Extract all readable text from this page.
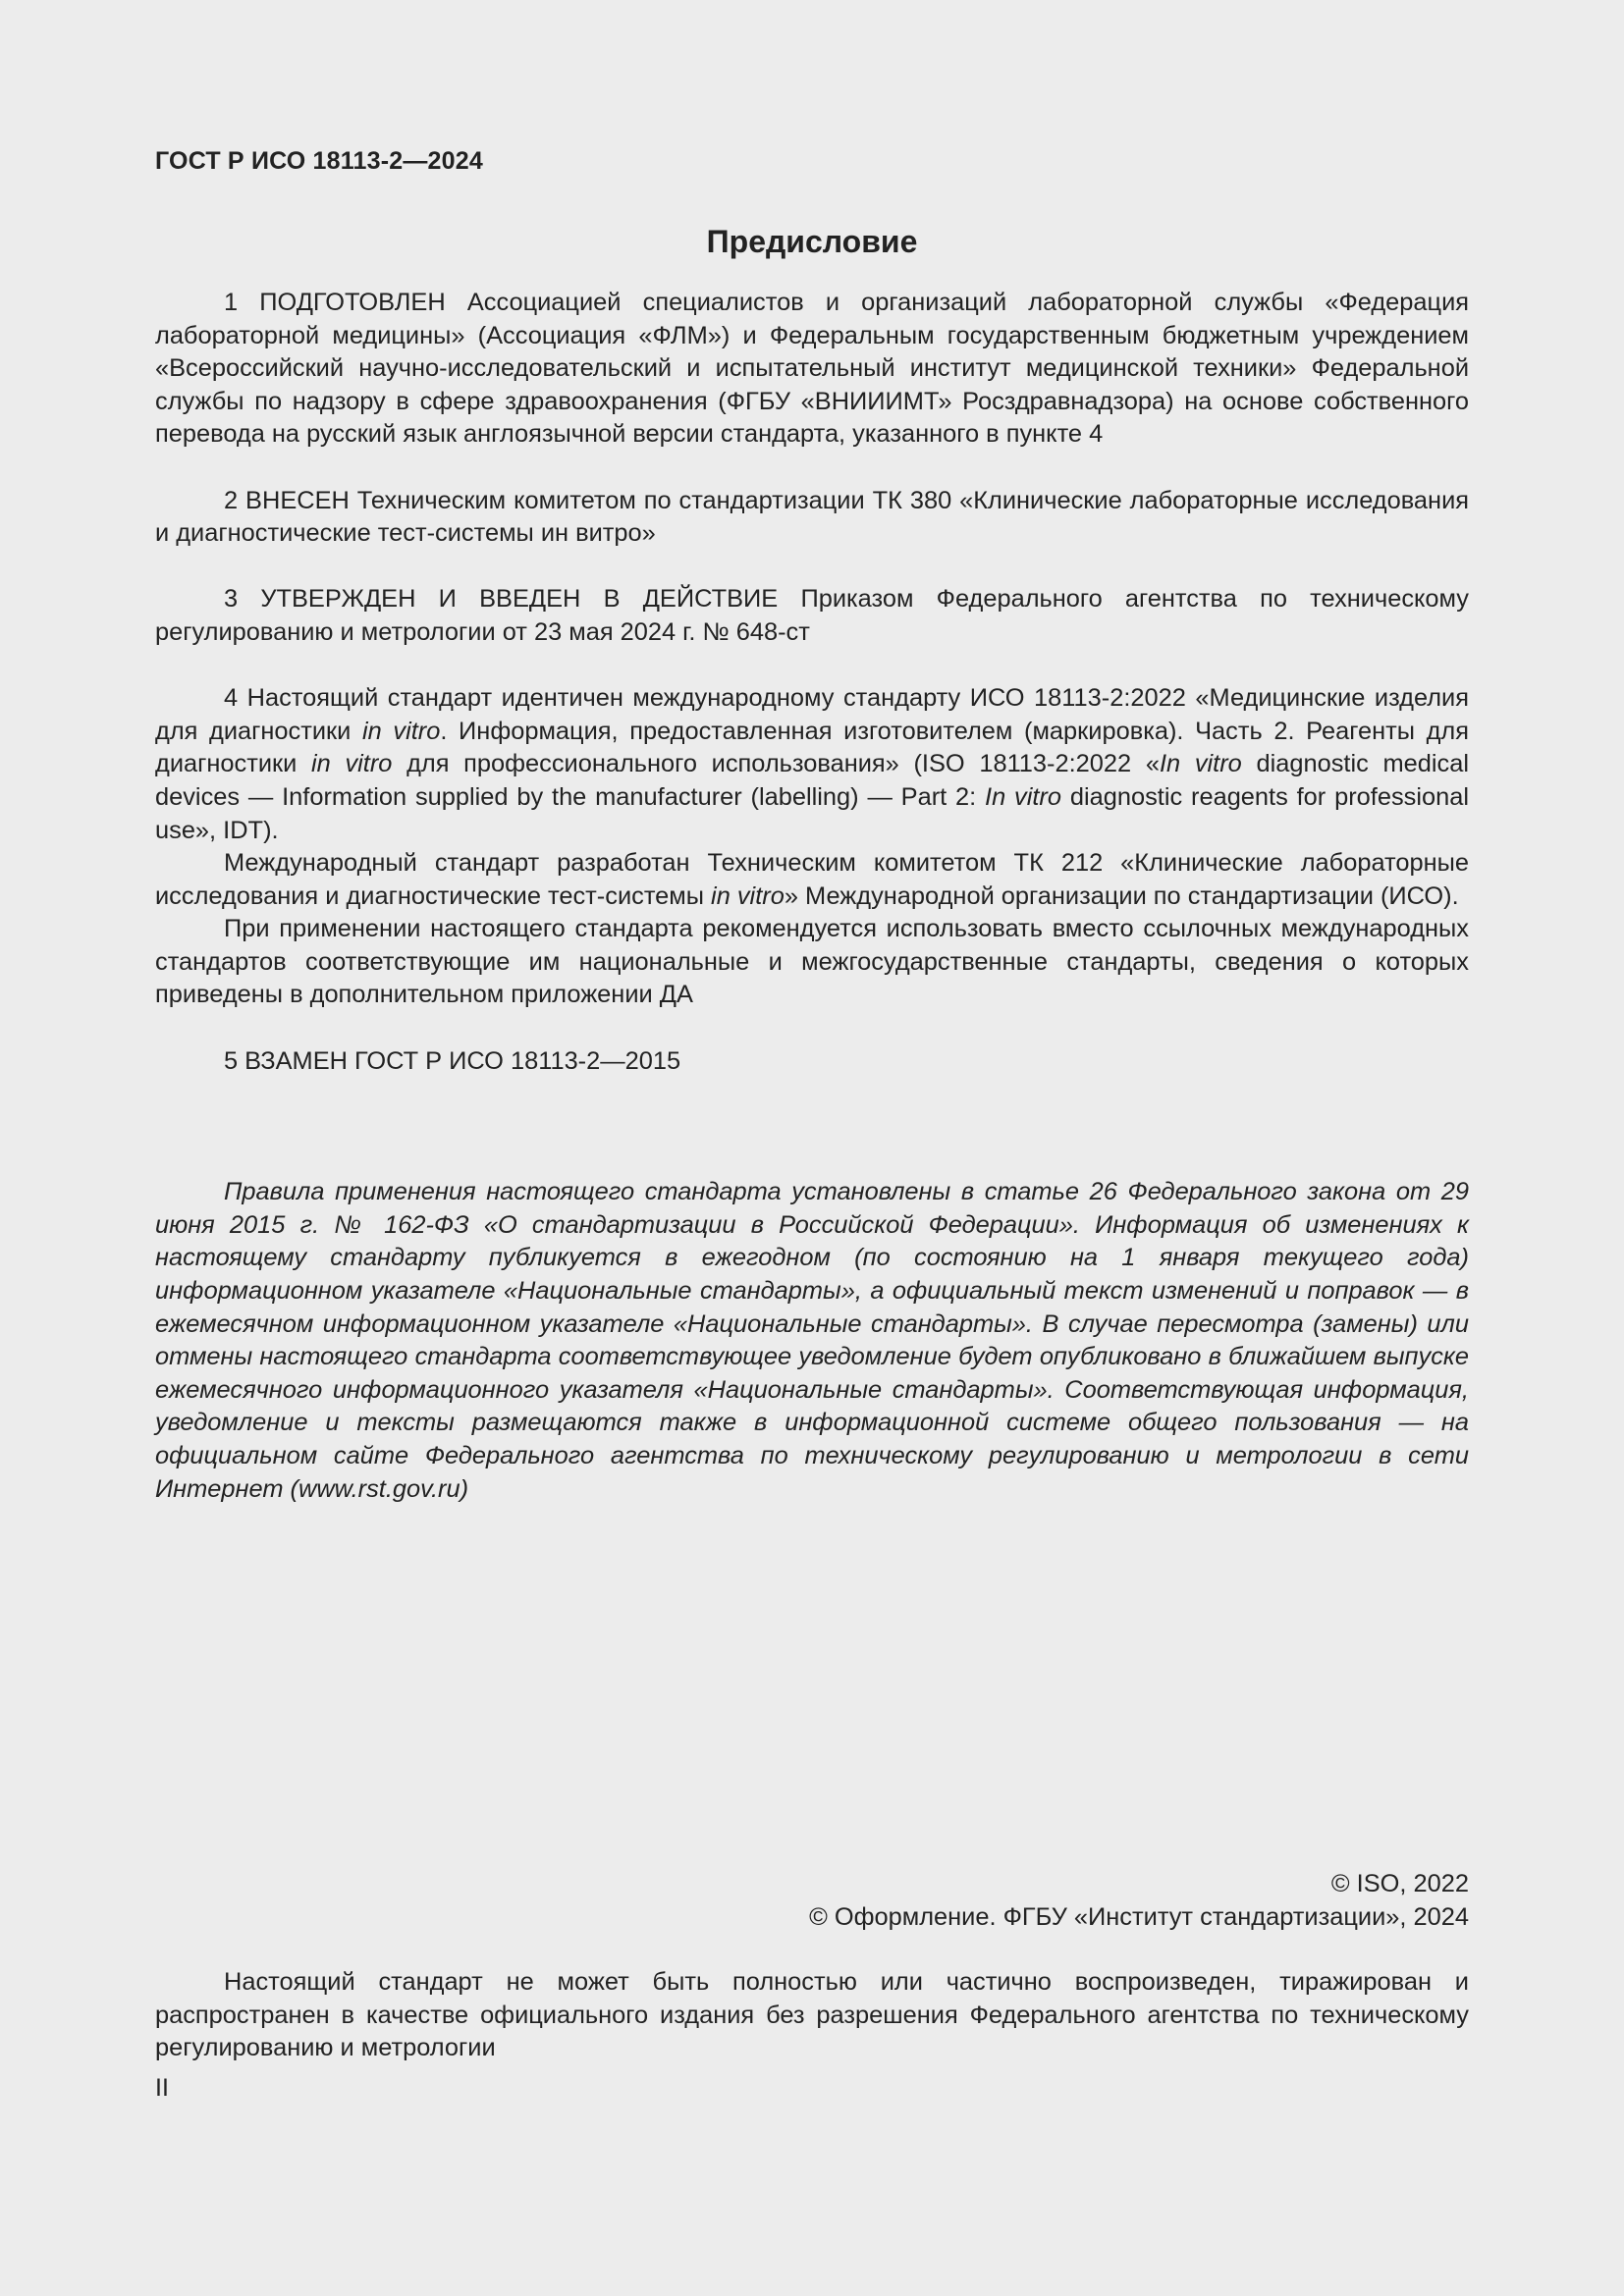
ГОСТ Р ИСО 18113-2—2024
Предисловие

1 ПОДГОТОВЛЕН Ассоциацией специалистов и организаций лабораторной службы «Федерация лабораторной медицины» (Ассоциация «ФЛМ») и Федеральным государственным бюджетным учреждением «Всероссийский научно-исследовательский и испытательный институт медицинской техники» Федеральной службы по надзору в сфере здравоохранения (ФГБУ «ВНИИИМТ» Росздравнадзора) на основе собственного перевода на русский язык англоязычной версии стандарта, указанного в пункте 4

2 ВНЕСЕН Техническим комитетом по стандартизации ТК 380 «Клинические лабораторные исследования и диагностические тест-системы ин витро»

3 УТВЕРЖДЕН И ВВЕДЕН В ДЕЙСТВИЕ Приказом Федерального агентства по техническому регулированию и метрологии от 23 мая 2024 г. № 648-ст

4 Настоящий стандарт идентичен международному стандарту ИСО 18113-2:2022 «Медицинские изделия для диагностики in vitro. Информация, предоставленная изготовителем (маркировка). Часть 2. Реагенты для диагностики in vitro для профессионального использования» (ISO 18113-2:2022 «In vitro diagnostic medical devices — Information supplied by the manufacturer (labelling) — Part 2: In vitro diagnostic reagents for professional use», IDT).

Международный стандарт разработан Техническим комитетом ТК 212 «Клинические лабораторные исследования и диагностические тест-системы in vitro» Международной организации по стандартизации (ИСО).

При применении настоящего стандарта рекомендуется использовать вместо ссылочных международных стандартов соответствующие им национальные и межгосударственные стандарты, сведения о которых приведены в дополнительном приложении ДА

5 ВЗАМЕН ГОСТ Р ИСО 18113-2—2015

Правила применения настоящего стандарта установлены в статье 26 Федерального закона от 29 июня 2015 г. № 162-ФЗ «О стандартизации в Российской Федерации». Информация об изменениях к настоящему стандарту публикуется в ежегодном (по состоянию на 1 января текущего года) информационном указателе «Национальные стандарты», а официальный текст изменений и поправок — в ежемесячном информационном указателе «Национальные стандарты». В случае пересмотра (замены) или отмены настоящего стандарта соответствующее уведомление будет опубликовано в ближайшем выпуске ежемесячного информационного указателя «Национальные стандарты». Соответствующая информация, уведомление и тексты размещаются также в информационной системе общего пользования — на официальном сайте Федерального агентства по техническому регулированию и метрологии в сети Интернет (www.rst.gov.ru)

© ISO, 2022
© Оформление. ФГБУ «Институт стандартизации», 2024

Настоящий стандарт не может быть полностью или частично воспроизведен, тиражирован и распространен в качестве официального издания без разрешения Федерального агентства по техническому регулированию и метрологии

II
